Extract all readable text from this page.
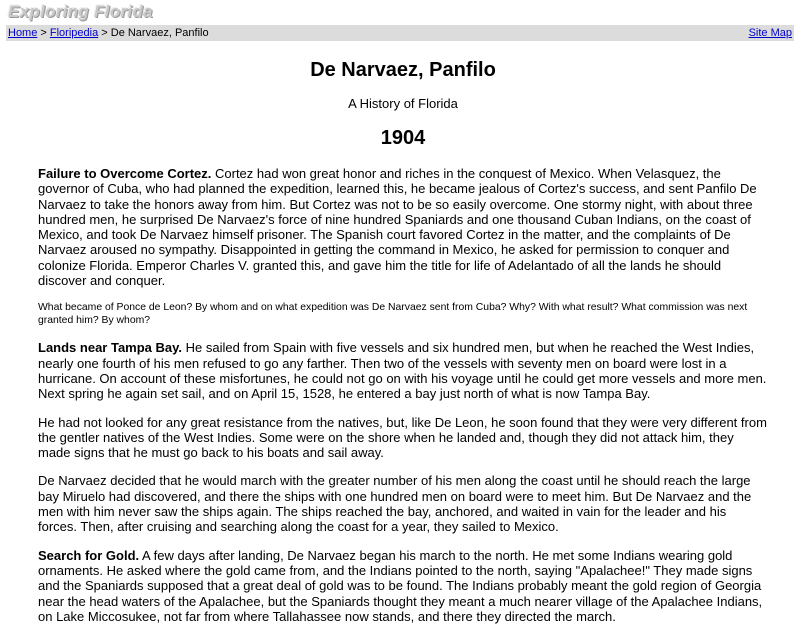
Exploring Florida
Home > Floripedia > De Narvaez, Panfilo	Site Map
De Narvaez, Panfilo
A History of Florida
1904

Failure to Overcome Cortez. Cortez had won great honor and riches in the conquest of Mexico. When Velasquez, the governor of Cuba, who had planned the expedition, learned this, he became jealous of Cortez's success, and sent Panfilo De Narvaez to take the honors away from him. But Cortez was not to be so easily overcome. One stormy night, with about three hundred men, he surprised De Narvaez's force of nine hundred Spaniards and one thousand Cuban Indians, on the coast of Mexico, and took De Narvaez himself prisoner. The Spanish court favored Cortez in the matter, and the complaints of De Narvaez aroused no sympathy. Disappointed in getting the command in Mexico, he asked for permission to conquer and colonize Florida. Emperor Charles V. granted this, and gave him the title for life of Adelantado of all the lands he should discover and conquer.

What became of Ponce de Leon? By whom and on what expedition was De Narvaez sent from Cuba? Why? With what result? What commission was next granted him? By whom?

Lands near Tampa Bay. He sailed from Spain with five vessels and six hundred men, but when he reached the West Indies, nearly one fourth of his men refused to go any farther. Then two of the vessels with seventy men on board were lost in a hurricane. On account of these misfortunes, he could not go on with his voyage until he could get more vessels and more men. Next spring he again set sail, and on April 15, 1528, he entered a bay just north of what is now Tampa Bay.

He had not looked for any great resistance from the natives, but, like De Leon, he soon found that they were very different from the gentler natives of the West Indies. Some were on the shore when he landed and, though they did not attack him, they made signs that he must go back to his boats and sail away.

De Narvaez decided that he would march with the greater number of his men along the coast until he should reach the large bay Miruelo had discovered, and there the ships with one hundred men on board were to meet him. But De Narvaez and the men with him never saw the ships again. The ships reached the bay, anchored, and waited in vain for the leader and his forces. Then, after cruising and searching along the coast for a year, they sailed to Mexico.

Search for Gold. A few days after landing, De Narvaez began his march to the north. He met some Indians wearing gold ornaments. He asked where the gold came from, and the Indians pointed to the north, saying "Apalachee!" They made signs and the Spaniards supposed that a great deal of gold was to be found. The Indians probably meant the gold region of Georgia near the head waters of the Apalachee, but the Spaniards thought they meant a much nearer village of the Apalachee Indians, on Lake Miccosukee, not far from where Tallahassee now stands, and there they directed the march.
